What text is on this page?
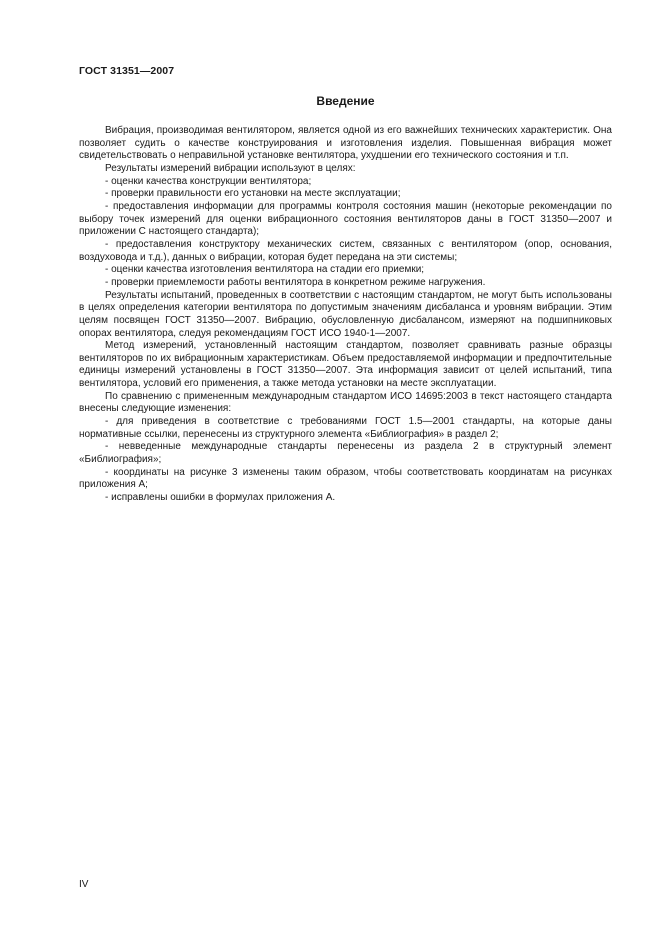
ГОСТ 31351—2007
Введение

Вибрация, производимая вентилятором, является одной из его важнейших технических характеристик. Она позволяет судить о качестве конструирования и изготовления изделия. Повышенная вибрация может свидетельствовать о неправильной установке вентилятора, ухудшении его технического состояния и т.п.

Результаты измерений вибрации используют в целях:

- оценки качества конструкции вентилятора;

- проверки правильности его установки на месте эксплуатации;

- предоставления информации для программы контроля состояния машин (некоторые рекомендации по выбору точек измерений для оценки вибрационного состояния вентиляторов даны в ГОСТ 31350—2007 и приложении С настоящего стандарта);

- предоставления конструктору механических систем, связанных с вентилятором (опор, основания, воздуховода и т.д.), данных о вибрации, которая будет передана на эти системы;

- оценки качества изготовления вентилятора на стадии его приемки;

- проверки приемлемости работы вентилятора в конкретном режиме нагружения.

Результаты испытаний, проведенных в соответствии с настоящим стандартом, не могут быть использованы в целях определения категории вентилятора по допустимым значениям дисбаланса и уровням вибрации. Этим целям посвящен ГОСТ 31350—2007. Вибрацию, обусловленную дисбалансом, измеряют на подшипниковых опорах вентилятора, следуя рекомендациям ГОСТ ИСО 1940-1—2007.

Метод измерений, установленный настоящим стандартом, позволяет сравнивать разные образцы вентиляторов по их вибрационным характеристикам. Объем предоставляемой информации и предпочтительные единицы измерений установлены в ГОСТ 31350—2007. Эта информация зависит от целей испытаний, типа вентилятора, условий его применения, а также метода установки на месте эксплуатации.

По сравнению с примененным международным стандартом ИСО 14695:2003 в текст настоящего стандарта внесены следующие изменения:

- для приведения в соответствие с требованиями ГОСТ 1.5—2001 стандарты, на которые даны нормативные ссылки, перенесены из структурного элемента «Библиография» в раздел 2;

- невведенные международные стандарты перенесены из раздела 2 в структурный элемент «Библиография»;

- координаты на рисунке 3 изменены таким образом, чтобы соответствовать координатам на рисунках приложения А;

- исправлены ошибки в формулах приложения А.

IV
